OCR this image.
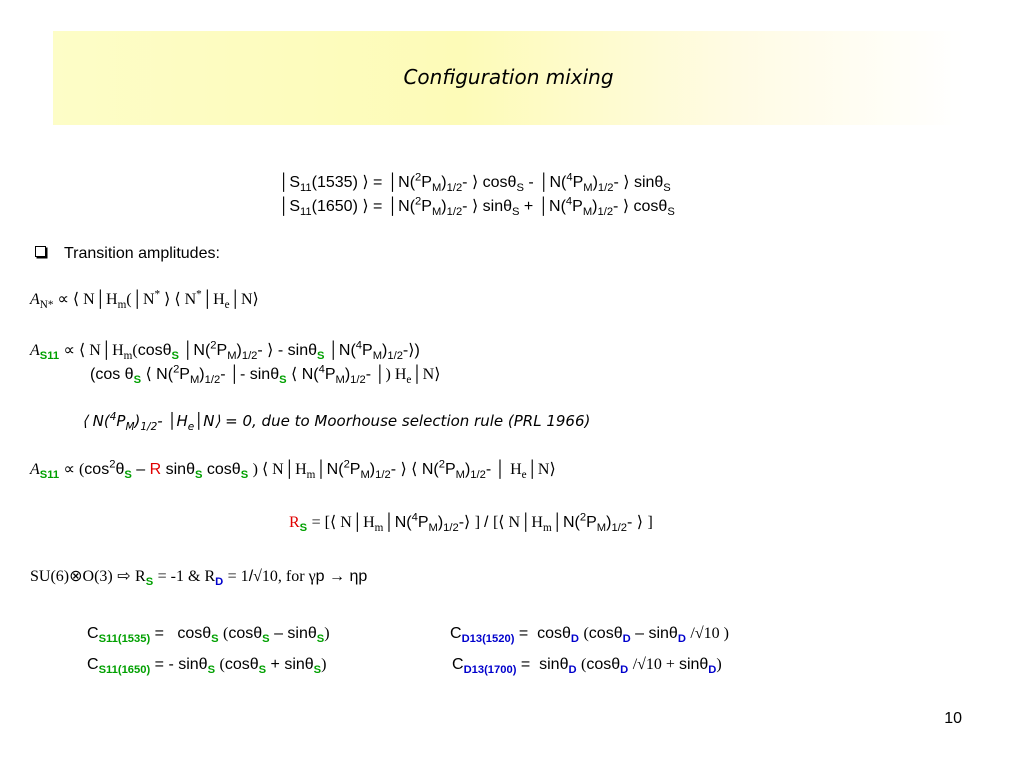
Configuration mixing
$│S_{11}(1535)$ ⟩ = $│N(^2P_M)_{1/2}-$ ⟩ $\cos\theta_S - │N(^4P_M)_{1/2}-$ ⟩ sinθ$_S$
$│S_{11}(1650)$ ⟩ = $│N(^2P_M)_{1/2}-$ ⟩ $\sin\theta_S + │N(^4P_M)_{1/2}-$ ⟩ cosθ$_S$
Transition amplitudes:
$A_{N*}$ ∝ ⟨ $N│H_m(│N^*$ ⟩ ⟨ $N^*│H_e│N⟩$
$A_{S11}$ ∝ ⟨ $N│H_m(\cos\theta_S$ $│N(^2P_M)_{1/2}-$ ⟩ - sinθ$_S$ $│N(^4P_M)_{1/2}-⟩$)
(cos $\theta_S$ ⟨ $N(^2P_M)_{1/2}-$ │- sinθ$_S$ ⟨ $N(^4P_M)_{1/2}-$ │) $H_e│N⟩$
⟨ $N(^4P_M)_{1/2}-$ $│H_e│N⟩ = 0$, due to Moorhouse selection rule (PRL 1966)
$A_{S11} \propto (\cos^2\theta_S - R$ sinθ$_S$ cosθ$_S$ ) ⟨ $N│H_m│N(^2P_M)_{1/2}-$ ⟩ ⟨ $N(^2P_M)_{1/2}-$ │ $H_e│N⟩$
$R_S$ = [⟨ $N│H_m│N(^4P_M)_{1/2}-⟩$ ] / [⟨ $N│H_m│N(^2P_M)_{1/2}-$ ⟩ ]
SU(6)⊗O(3) ⇨ $R_S = -1$ & $R_D = 1/√10$, for γp → ηp
$C_{S11(1535)} = \cos\theta_S$ (cosθ$_S$ – sinθ$_S$)	$C_{D13(1520)} = \cos\theta_D$ (cosθ$_D$ – sinθ$_D$ /√10 )
$C_{S11(1650)}$ = - sinθ$_S$ (cosθ$_S$ + sinθ$_S$)	$C_{D13(1700)} = \sin\theta_D$ (cosθ$_D$ /√10 + sinθ$_D$)
10
